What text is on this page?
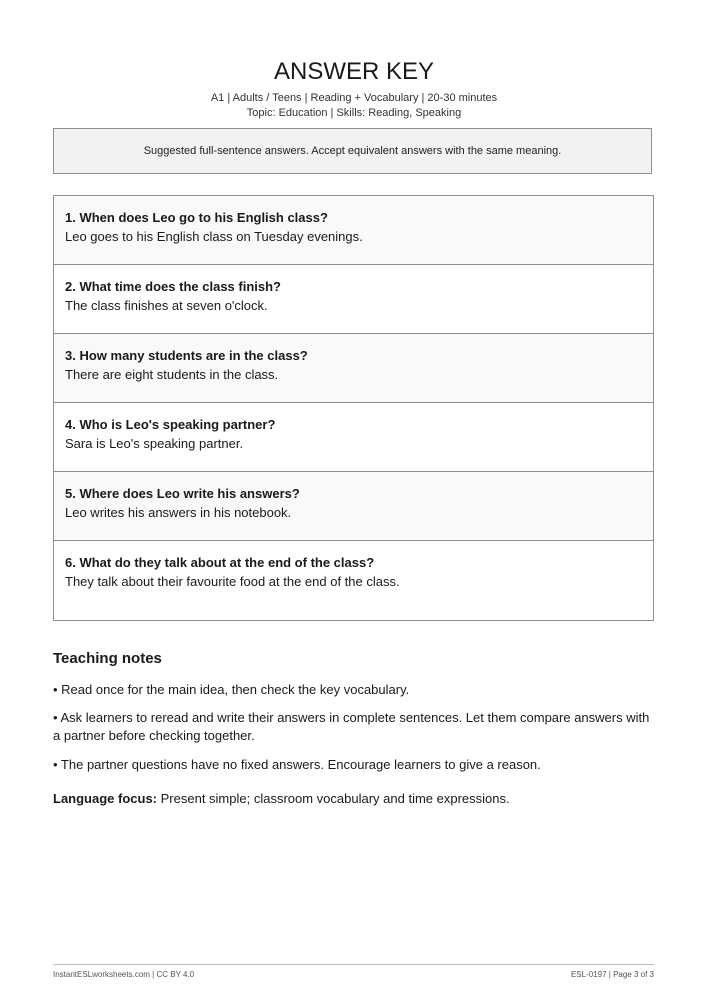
ANSWER KEY
A1 | Adults / Teens | Reading + Vocabulary | 20-30 minutes
Topic: Education | Skills: Reading, Speaking
Suggested full-sentence answers. Accept equivalent answers with the same meaning.
1. When does Leo go to his English class?
Leo goes to his English class on Tuesday evenings.
2. What time does the class finish?
The class finishes at seven o'clock.
3. How many students are in the class?
There are eight students in the class.
4. Who is Leo's speaking partner?
Sara is Leo's speaking partner.
5. Where does Leo write his answers?
Leo writes his answers in his notebook.
6. What do they talk about at the end of the class?
They talk about their favourite food at the end of the class.
Teaching notes
• Read once for the main idea, then check the key vocabulary.
• Ask learners to reread and write their answers in complete sentences. Let them compare answers with a partner before checking together.
• The partner questions have no fixed answers. Encourage learners to give a reason.
Language focus: Present simple; classroom vocabulary and time expressions.
InstantESLworksheets.com | CC BY 4.0	ESL-0197 | Page 3 of 3
